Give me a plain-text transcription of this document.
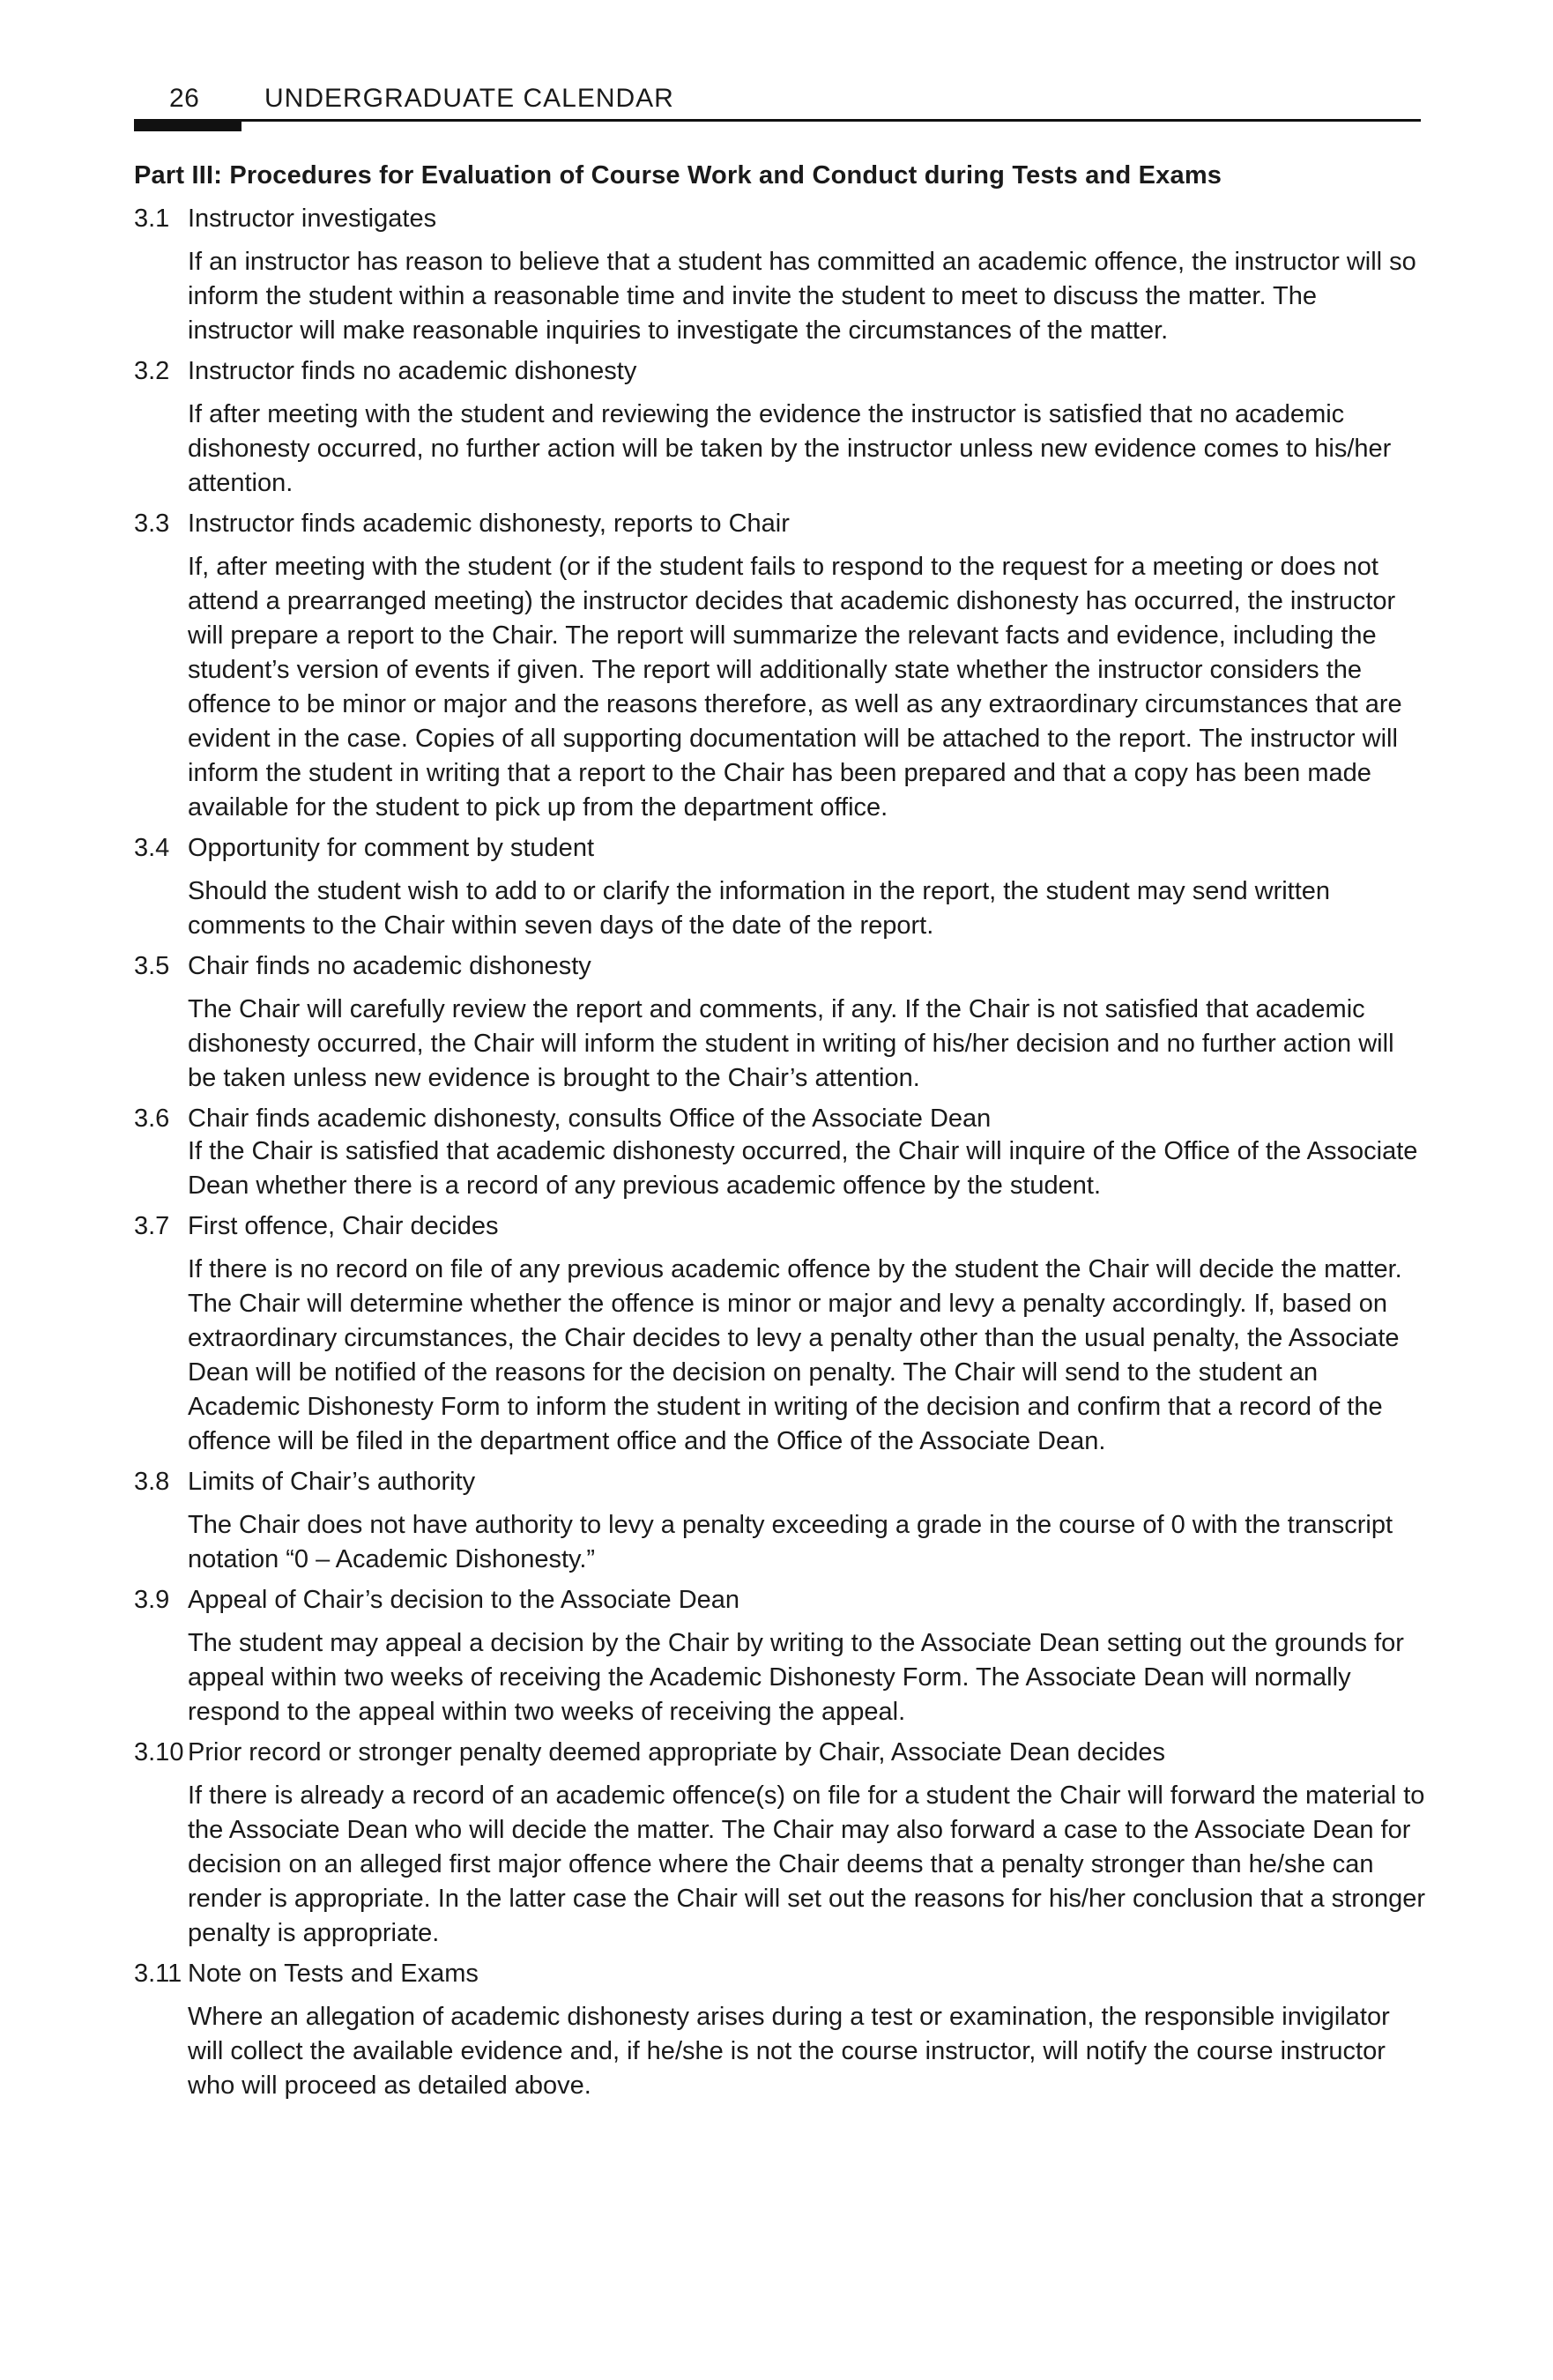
26 UNDERGRADUATE CALENDAR
Part III: Procedures for Evaluation of Course Work and Conduct during Tests and Exams
3.1 Instructor investigates
If an instructor has reason to believe that a student has committed an academic offence, the instructor will so inform the student within a reasonable time and invite the student to meet to discuss the matter. The instructor will make reasonable inquiries to investigate the circumstances of the matter.
3.2 Instructor finds no academic dishonesty
If after meeting with the student and reviewing the evidence the instructor is satisfied that no academic dishonesty occurred, no further action will be taken by the instructor unless new evidence comes to his/her attention.
3.3 Instructor finds academic dishonesty, reports to Chair
If, after meeting with the student (or if the student fails to respond to the request for a meeting or does not attend a prearranged meeting) the instructor decides that academic dishonesty has occurred, the instructor will prepare a report to the Chair. The report will summarize the relevant facts and evidence, including the student’s version of events if given. The report will additionally state whether the instructor considers the offence to be minor or major and the reasons therefore, as well as any extraordinary circumstances that are evident in the case. Copies of all supporting documentation will be attached to the report. The instructor will inform the student in writing that a report to the Chair has been prepared and that a copy has been made available for the student to pick up from the department office.
3.4 Opportunity for comment by student
Should the student wish to add to or clarify the information in the report, the student may send written comments to the Chair within seven days of the date of the report.
3.5 Chair finds no academic dishonesty
The Chair will carefully review the report and comments, if any. If the Chair is not satisfied that academic dishonesty occurred, the Chair will inform the student in writing of his/her decision and no further action will be taken unless new evidence is brought to the Chair’s attention.
3.6 Chair finds academic dishonesty, consults Office of the Associate Dean
If the Chair is satisfied that academic dishonesty occurred, the Chair will inquire of the Office of the Associate Dean whether there is a record of any previous academic offence by the student.
3.7 First offence, Chair decides
If there is no record on file of any previous academic offence by the student the Chair will decide the matter. The Chair will determine whether the offence is minor or major and levy a penalty accordingly. If, based on extraordinary circumstances, the Chair decides to levy a penalty other than the usual penalty, the Associate Dean will be notified of the reasons for the decision on penalty. The Chair will send to the student an Academic Dishonesty Form to inform the student in writing of the decision and confirm that a record of the offence will be filed in the department office and the Office of the Associate Dean.
3.8 Limits of Chair’s authority
The Chair does not have authority to levy a penalty exceeding a grade in the course of 0 with the transcript notation “0 – Academic Dishonesty.”
3.9 Appeal of Chair’s decision to the Associate Dean
The student may appeal a decision by the Chair by writing to the Associate Dean setting out the grounds for appeal within two weeks of receiving the Academic Dishonesty Form. The Associate Dean will normally respond to the appeal within two weeks of receiving the appeal.
3.10 Prior record or stronger penalty deemed appropriate by Chair, Associate Dean decides
If there is already a record of an academic offence(s) on file for a student the Chair will forward the material to the Associate Dean who will decide the matter. The Chair may also forward a case to the Associate Dean for decision on an alleged first major offence where the Chair deems that a penalty stronger than he/she can render is appropriate. In the latter case the Chair will set out the reasons for his/her conclusion that a stronger penalty is appropriate.
3.11 Note on Tests and Exams
Where an allegation of academic dishonesty arises during a test or examination, the responsible invigilator will collect the available evidence and, if he/she is not the course instructor, will notify the course instructor who will proceed as detailed above.
